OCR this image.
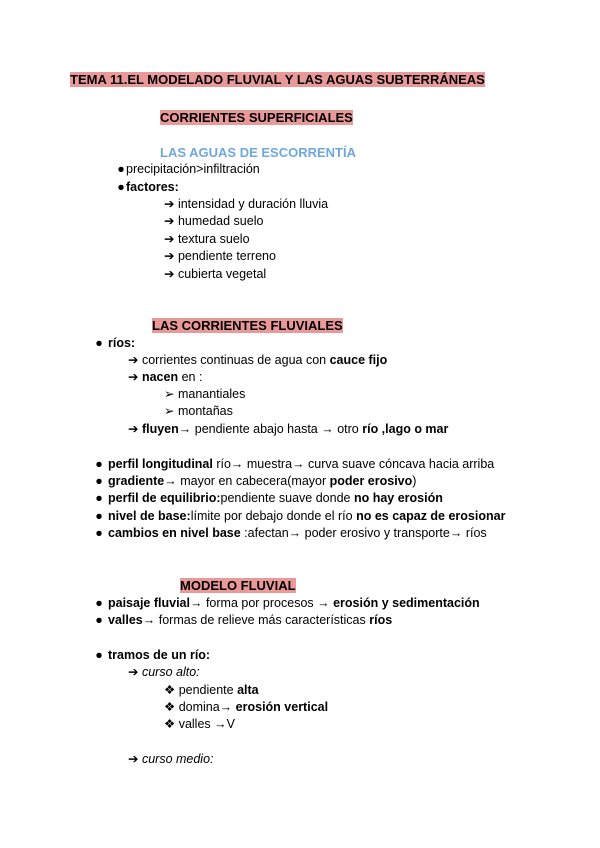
TEMA 11.EL MODELADO FLUVIAL Y LAS AGUAS SUBTERRÁNEAS
CORRIENTES SUPERFICIALES
LAS AGUAS DE ESCORRENTÍA
● precipitación>infiltración
● factores:
➔ intensidad y duración lluvia
➔ humedad suelo
➔ textura suelo
➔ pendiente terreno
➔ cubierta vegetal
LAS CORRIENTES FLUVIALES
● ríos:
➔ corrientes continuas de agua con cauce fijo
➔ nacen en :
➢ manantiales
➢ montañas
➔ fluyen→ pendiente abajo hasta → otro río ,lago o mar
● perfil longitudinal río→ muestra→ curva suave cóncava hacia arriba
● gradiente→ mayor en cabecera(mayor poder erosivo)
● perfil de equilibrio:pendiente suave donde no hay erosión
● nivel de base:límite por debajo donde el río no es capaz de erosionar
● cambios en nivel base :afectan→ poder erosivo y transporte→ ríos
MODELO FLUVIAL
● paisaje fluvial→ forma por procesos → erosión y sedimentación
● valles→ formas de relieve más características ríos
● tramos de un río:
➔ curso alto:
❖ pendiente alta
❖ domina→ erosión vertical
❖ valles →V
➔ curso medio:
